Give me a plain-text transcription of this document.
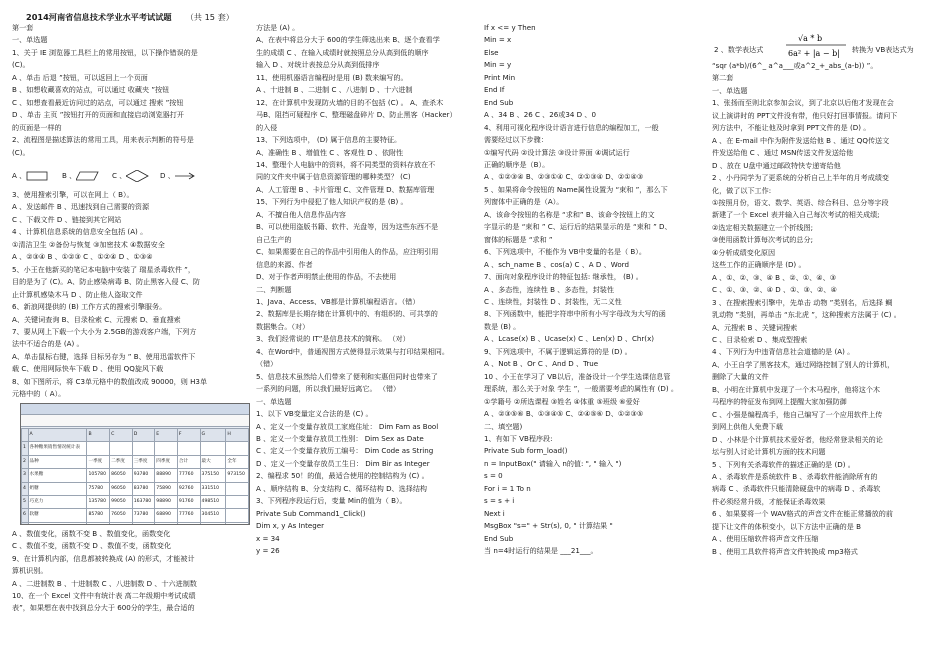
2014河南省信息技术学业水平考试试题 （共 15 套）

第一套

一、单选题

1、关于 IE 浏览器工具栏上的常用按钮，以下操作错误的是

(C)。

A 、单击 后退 ”按钮，可以返回上一个页面

B 、如想收藏喜欢的站点，可以通过 收藏夹 ”按钮

C 、如想查看最近访问过的站点，可以通过 搜索 ”按钮

D 、单击 主页 ”按钮打开的页面和直接启动浏览器打开

的页面是一样的

2、流程图是描述算法的常用工具，用来表示判断的符号是

(C)。

A 、	B 、	C 、	D 、

3、使用搜索引擎，可以在网上（ B）。

A 、发送邮件 B 、迅速找到自己需要的资源

C 、下载文件 D 、链接到其它网站

4 、计算机信息系统的信息安全包括 (A) 。

①清洁卫生 ②备份与恢复 ③加密技术 ④数据安全

A 、②③④ B 、①②③ C 、①②④ D 、①③④

5、小王在他新买的笔记本电脑中安装了 瑞星杀毒软件 ”，

目的是为了 (C)。A、防止感染病毒 B、防止黑客入侵 C、防

止计算机感染木马 D 、防止他人盗取文件

6、新浪网提供的 (B) 工作方式的搜索引擎服务。

A、关键词查询 B、目录检索 C、元搜索 D、垂直搜索

7、要从网上下载一个大小为 2.5GB的游戏客户端，下列方

法中不适合的是 (A) 。

A、单击鼠标右键，选择 目标另存为 ” B、使用迅雷软件下

载 C、使用网际快车下载 D 、使用 QQ旋风下载

8、如下图所示，将 C3单元格中的数值改成 90000，则 H3单

元格中的（ A）。

	A	B	C	D	E	F	G	H
1	各种糖果销售情况统计表							
2	品种	一季度	二季度	三季度	四季度	合计	最大	全年
3	水果糖	105780	86050	93780	88890	77760	375150	973150
4	奶糖	75780	96050	83780	75890	92760	331510	
5	巧克力	135780	99050	163780	98890	91760	498510	
6	软糖	85780	76050	73780	68890	77760	304510	

A 、数值变化，函数不变 B 、数值变化，函数变化

C 、数值不变，函数不变 D 、数值不变，函数变化

9、在计算机内部，信息都被转换成 (A) 的形式，才能被计

算机识别。

A 、二进制数 B 、十进制数 C 、八进制数 D 、十六进制数

10、在一个 Excel 文件中有统计表 高二年级期中考试成绩

表”，如果想在表中找到总分大于 600分的学生，最合适的

方法是 (A) 。

A、在表中将总分大于 600的学生筛选出来 B、逐个查看学

生的成绩 C 、在输入成绩时就按照总分从高到低的顺序

输入 D 、对统计表按总分从高到低排序

11、使用机器语言编程时是用 (B) 数来编写的。

A 、十进制 B 、二进制 C 、八进制 D 、十六进制

12、在计算机中发现防火墙的目的不包括 (C) 。 A、查杀木

马B、阻挡可疑程序 C、整理磁盘碎片 D、防止黑客（Hacker）

的入侵

13、下列选项中， (D) 属于信息的主要特征。

A、准确性 B 、增值性 C 、客观性 D 、依附性

14、整理个人电脑中的资料，将不同类型的资料存放在不

同的文件夹中属于信息资源管理的哪种类型？ (C)

A、人工管理 B 、卡片管理 C、文件管理 D、数据库管理

15、下列行为中侵犯了他人知识产权的是 (B) 。

A、不擅自他人信息作品内容

B、可以使用盗版书籍、软件、光盘等，因为这些东西不是

自己生产的

C、如果需要在自己的作品中引用他人的作品，应注明引用

信息的来源、作者

D、对于作者声明禁止使用的作品，不去使用

二、判断题

1、Java、Access、VB都是计算机编程语言。（错）

2、数据库是长期存储在计算机中的、有组织的、可共享的

数据集合。（对）

3、我们经常说的 IT”是信息技术的简称。 （对）

4、在Word中，普通视图方式使得显示效果与打印结果相同。

（错）

5、信息技术虽然给人们带来了便利和实惠但同时也带来了

一系列的问题，所以我们最好远离它。 （错）

一、单选题

1、以下 VB变量定义合法的是 (C) 。

A 、定义一个变量存放员工家庭住址： Dim Fam as Bool

B 、定义一个变量存放员工性别： Dim Sex as Date

C 、定义一个变量存放历工编号： Dim Code as String

D 、定义一个变量存放员工生日： Dim Bir as Integer

2、编程求 50！的值，最适合使用的控制结构为 (C) 。

A 、顺序结构 B、分支结构 C、循环结构 D、选择结构

3、下列程序段运行后，变量 Min的值为（ B）。

Private Sub Command1_Click()

Dim x, y As Integer

x = 34

y = 26

If x <= y Then

Min = x

Else

Min = y

Print Min

End If

End Sub

A 、34 B 、26 C 、26或34 D 、0

4、利用可视化程序设计语言进行信息的编程加工，一般

需要经过以下步骤：

①编写代码 ②设计算法 ③设计界面 ④调试运行

正确的顺序是（B）。

A 、①②③④ B、②③①④ C、②①③④ D、②①④③

5 、如果将命令按钮的 Name属性设置为 “束和 ”，那么下

列窗体中正确的是（A）。

A、该命令按钮的名称是 “求和” B、该命令按钮上的文

字显示的是 “束和 ” C、运行后的结果显示的是 “束和 ” D、

窗体的标题是 “求和 ”

6、下列选项中，不能作为 VB中变量的名是（ B）。

A 、sch_name B 、cos(a) C 、A D 、Word

7、面向对象程序设计的特征包括: 继承性， (B) 。

A 、多态性，连续性 B 、多态性，封装性

C 、连续性，封装性 D 、封装性，无二义性

8、下列函数中，能把字符串中所有小写字母改为大写的函

数是 (B) 。

A 、Lcase(x) B 、Ucase(x) C 、Len(x) D 、Chr(x)

9、下列选项中，不属于逻辑运算符的是 (D) 。

A 、Not B 、Or C 、And D 、True

10 、小王在学习了 VB以后，准备设计一个学生选课信息管

理系统，那么关于对象 学生 ”，一般需要考虑的属性有 (D) 。

①学籍号 ②所选课程 ③姓名 ④体重 ⑤班级 ⑥爱好

A 、②③⑤⑥ B、①③④⑤ C、②④⑤⑥ D、①②③⑤

二、填空题)

1、有如下 VB程序段:

Private Sub form_load()

n = InputBox(" 请输入 n的值: ", " 输入 ")

s = 0

For i = 1 To n

s = s + i

Next i

MsgBox "s=" + Str(s), 0, " 计算结果 "

End Sub

当 n=4时运行的结果是 ___21___。

√a * b
6a² + |a − b| 转换为 VB表达式为
2 、数学表达式

“sqr (a*b)/(6^_ a^a___或a^2_+_abs_(a-b)) ”。

第二套

一、单选题

1、张扬而至则北京参加会议，到了北京以后他才发现在会

议上演讲时的 PPT文件没有带，他只好打回事情报。请问下

列方法中，不能让他及时拿到 PPT文件的是 (D) 。

A 、在 E-mail 中作为附件发送给他 B 、通过 QQ传送文

件发送给他 C 、通过 MSN传送文件发送给他

D 、放在 U盘中通过邮政特快专递寄给他

2 、小丹同学为了更系统的分析自己上半年的月考成绩变

化，做了以下工作:

①按照月份，语文、数学、英语、综合科目、总分等字段

新建了一个 Excel 表并输入自己每次考试的相关成绩;

②选定相关数据建立一个折线图;

③使用函数计算每次考试的总分;

④分析成绩变化原因

这些工作的正确顺序是 (D) 。

A 、①、②、③、④ B 、②、①、④、③

C 、①、③、②、④ D 、①、③、②、④

3 、在搜索搜索引擎中，先单击 动物 ”类别名，后选择 鲷

乳动物 ”类别，再单击 “东北虎 ”，这种搜索方法属于 (C) 。

A、元搜索 B 、关键词搜索

C 、目录检索 D 、集成型搜索

4 、下列行为中违背信息社会道德的是 (A) 。

A、小王自学了黑客技术，通过网络控制了别人的计算机，

删除了大量的文件

B、小明在计算机中发现了一个木马程序，他将这个木

马程序的特征发布到网上提醒大家加强防御

C 、小强是编程高手，他自己编写了一个应用软件上传

到网上供他人免费下载

D 、小林是个计算机技术爱好者，他经常登录相关的论

坛与别人讨论计算机方面的技术问题

5 、下列有关杀毒软件的描述正确的是 (D) 。

A 、杀毒软件是系统软件 B 、杀毒软件能消除所有的

病毒 C 、杀毒软件只能清除硬盘中的病毒 D 、杀毒软

件必须经常升级，才能保证杀毒效果

6 、如果要将一个 WAV格式的声音文件在能正常播放的前

提下让文件的体积变小，以下方法中正确的是 B

A 、使用压缩软件将声音文件压缩

B 、使用工具软件将声音文件转换成 mp3格式
